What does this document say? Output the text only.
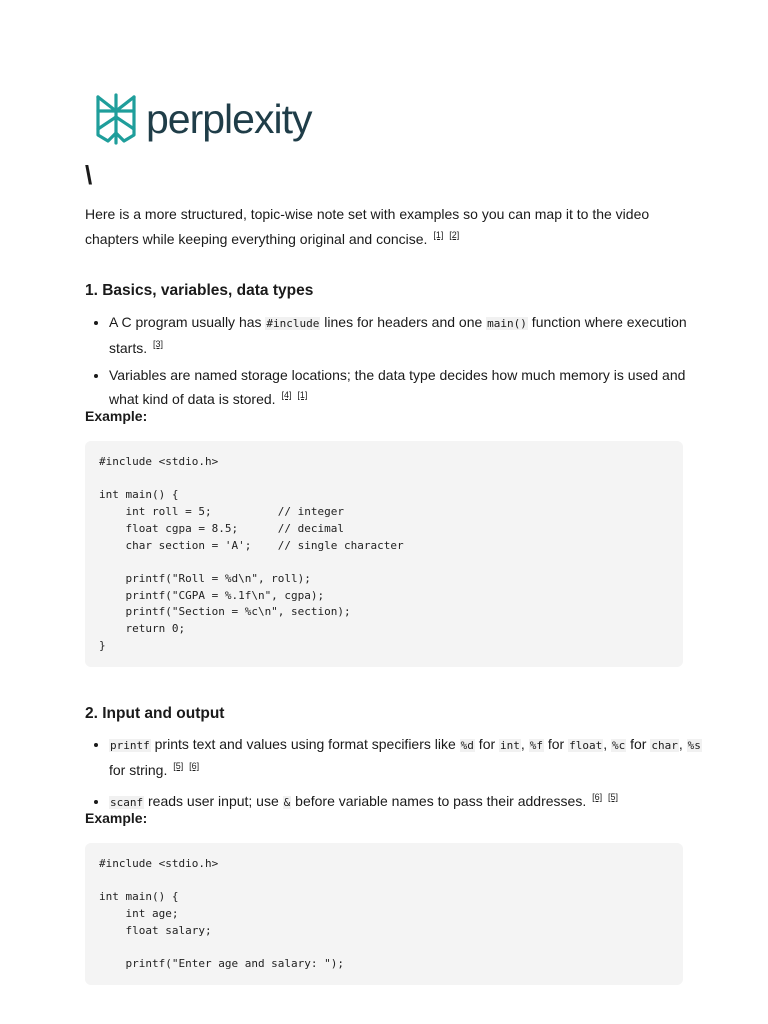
perplexity
\
Here is a more structured, topic-wise note set with examples so you can map it to the video chapters while keeping everything original and concise. [1] [2]
1. Basics, variables, data types
• A C program usually has #include lines for headers and one main() function where execution starts. [3]
• Variables are named storage locations; the data type decides how much memory is used and what kind of data is stored. [4] [1]
Example:
#include <stdio.h>

int main() {
int roll = 5;          // integer
float cgpa = 8.5;      // decimal
char section = 'A';    // single character

printf("Roll = %d\n", roll);
printf("CGPA = %.1f\n", cgpa);
printf("Section = %c\n", section);
return 0;
}
2. Input and output
• printf prints text and values using format specifiers like %d for int, %f for float, %c for char, %s for string. [5] [6]
• scanf reads user input; use & before variable names to pass their addresses. [6] [5]
Example:
#include <stdio.h>

int main() {
int age;
float salary;

printf("Enter age and salary: ");
